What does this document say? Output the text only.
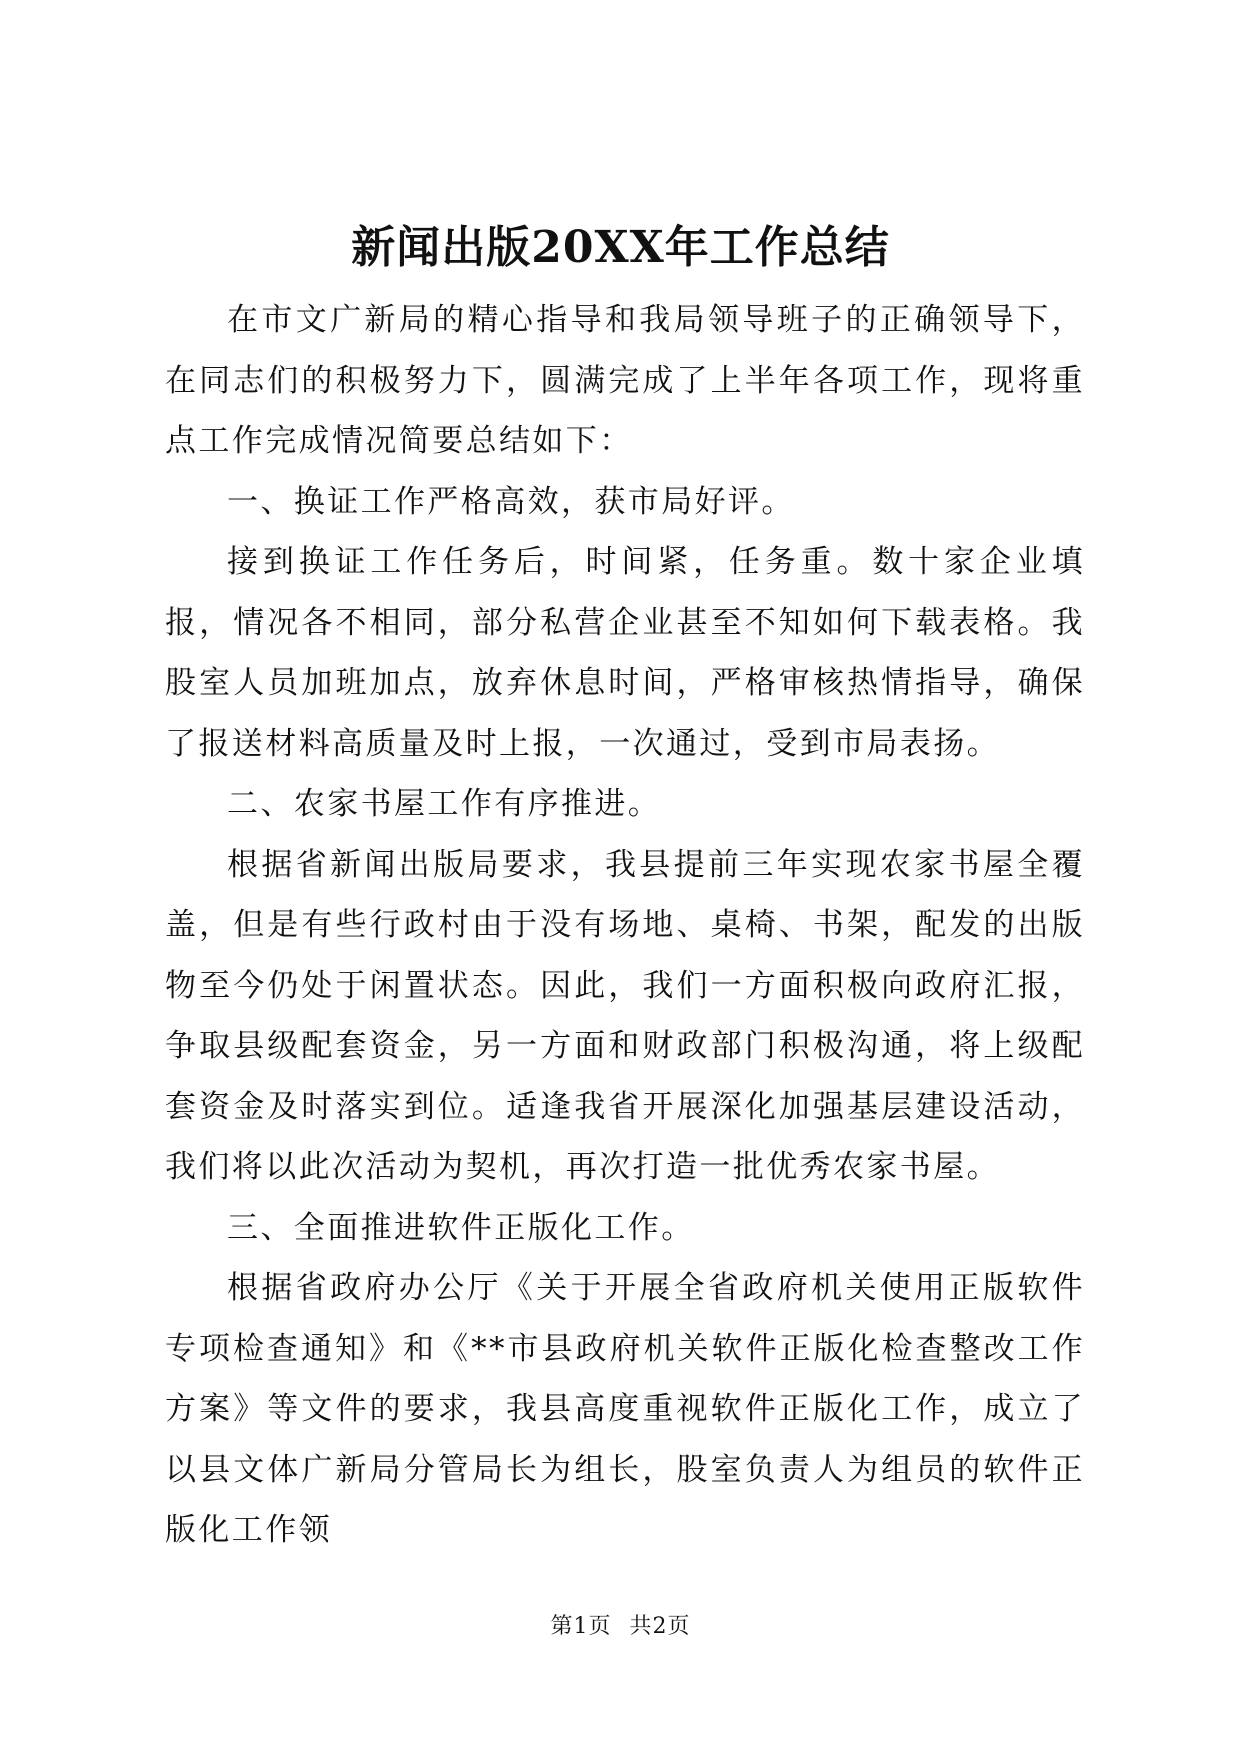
新闻出版20XX年工作总结

在市文广新局的精心指导和我局领导班子的正确领导下，在同志们的积极努力下，圆满完成了上半年各项工作，现将重点工作完成情况简要总结如下：

一、换证工作严格高效，获市局好评。

接到换证工作任务后，时间紧，任务重。数十家企业填报，情况各不相同，部分私营企业甚至不知如何下载表格。我股室人员加班加点，放弃休息时间，严格审核热情指导，确保了报送材料高质量及时上报，一次通过，受到市局表扬。

二、农家书屋工作有序推进。

根据省新闻出版局要求，我县提前三年实现农家书屋全覆盖，但是有些行政村由于没有场地、桌椅、书架，配发的出版物至今仍处于闲置状态。因此，我们一方面积极向政府汇报，争取县级配套资金，另一方面和财政部门积极沟通，将上级配套资金及时落实到位。适逢我省开展深化加强基层建设活动，我们将以此次活动为契机，再次打造一批优秀农家书屋。

三、全面推进软件正版化工作。

根据省政府办公厅《关于开展全省政府机关使用正版软件专项检查通知》和《**市县政府机关软件正版化检查整改工作方案》等文件的要求，我县高度重视软件正版化工作，成立了以县文体广新局分管局长为组长，股室负责人为组员的软件正版化工作领

第1页 共2页
